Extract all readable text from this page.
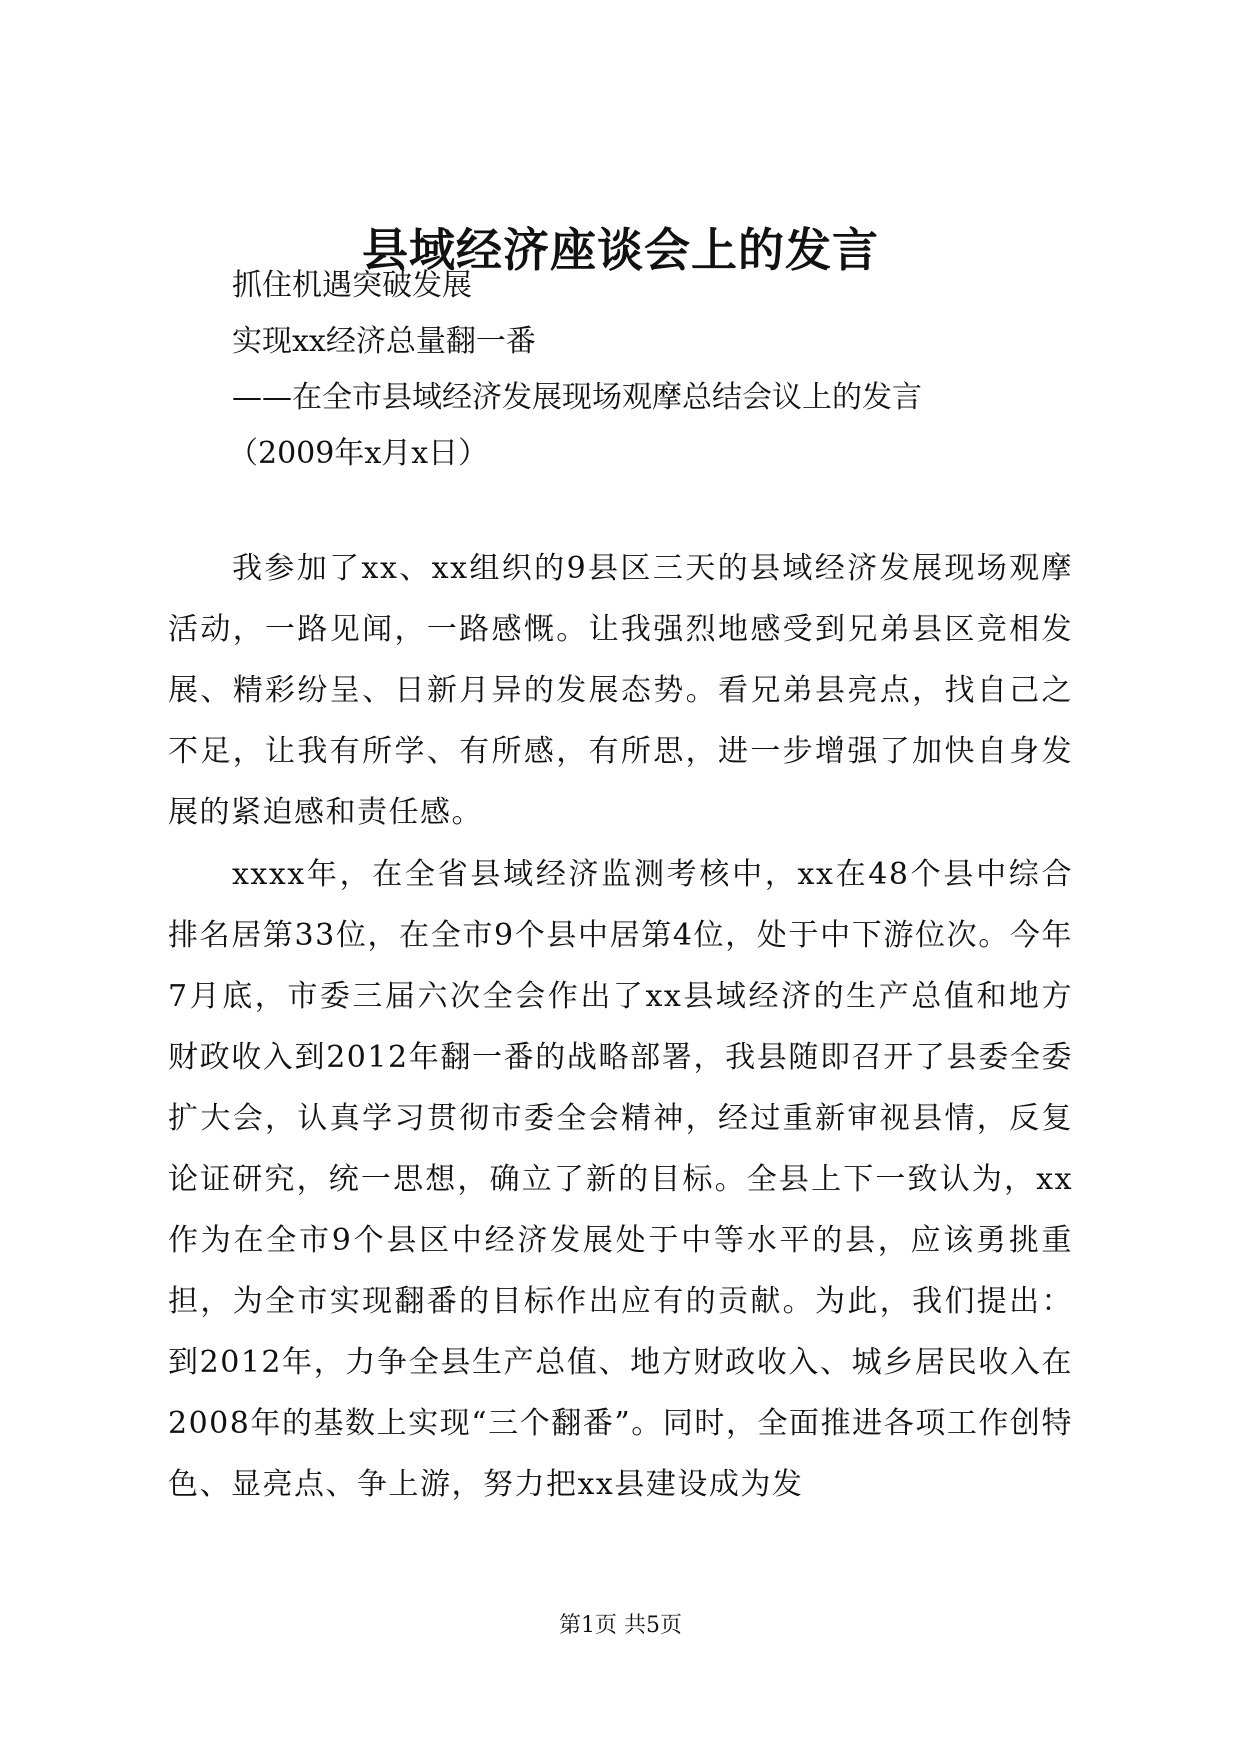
县域经济座谈会上的发言

抓住机遇突破发展

实现xx经济总量翻一番

——在全市县域经济发展现场观摩总结会议上的发言

（2009年x月x日）

我参加了xx、xx组织的9县区三天的县域经济发展现场观摩活动，一路见闻，一路感慨。让我强烈地感受到兄弟县区竞相发展、精彩纷呈、日新月异的发展态势。看兄弟县亮点，找自己之不足，让我有所学、有所感，有所思，进一步增强了加快自身发展的紧迫感和责任感。

xxxx年，在全省县域经济监测考核中，xx在48个县中综合排名居第33位，在全市9个县中居第4位，处于中下游位次。今年7月底，市委三届六次全会作出了xx县域经济的生产总值和地方财政收入到2012年翻一番的战略部署，我县随即召开了县委全委扩大会，认真学习贯彻市委全会精神，经过重新审视县情，反复论证研究，统一思想，确立了新的目标。全县上下一致认为，xx作为在全市9个县区中经济发展处于中等水平的县，应该勇挑重担，为全市实现翻番的目标作出应有的贡献。为此，我们提出：到2012年，力争全县生产总值、地方财政收入、城乡居民收入在2008年的基数上实现“三个翻番”。同时，全面推进各项工作创特色、显亮点、争上游，努力把xx县建设成为发

第1页 共5页
